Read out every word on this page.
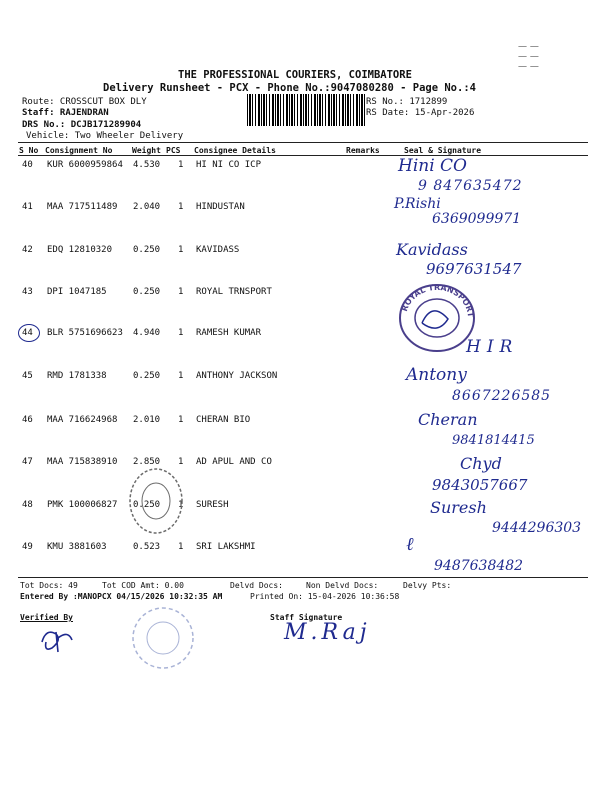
THE PROFESSIONAL COURIERS, COIMBATORE
Delivery Runsheet - PCX - Phone No.:9047080280 - Page No.:4
Route: CROSSCUT BOX DLY
Staff: RAJENDRAN
DRS No.: DCJB171289904
Vehicle: Two Wheeler Delivery
RS No.: 1712899
RS Date: 15-Apr-2026
S No Consignment No Weight PCS Consignee Details	Remarks	Seal & Signature
40 KUR 6000959864 4.530 1 HI NI CO ICP	Hini CO
9 847635472
41 MAA 717511489 2.040 1 HINDUSTAN	P.Rishi
6369099971
42 EDQ 12810320 0.250 1 KAVIDASS	Kavidass
9697631547
43 DPI 1047185	0.250 1 ROYAL TRNSPORT
44 BLR 5751696623 4.940 1 RAMESH KUMAR
HIR
45 RMD 1781338	0.250 1 ANTHONY JACKSON	Antony
8667226585
46 MAA 716624968 2.010 1 CHERAN BIO	Cheran
9841814415
47 MAA 715838910 2.850 1 AD APUL AND CO	Chyd
9843057667
48 PMK 100006827 0.250 1 SURESH	Suresh
9444296303
49 KMU 3881603	0.523 1 SRI LAKSHMI	ℓ
9487638482
ROYAL TRANSPORT
Tot Docs: 49	Tot COD Amt: 0.00	Delvd Docs:	Non Delvd Docs:	Delvy Pts:
Entered By :MANOPCX 04/15/2026 10:32:35 AM	Printed On: 15-04-2026 10:36:58
Verified By	Staff Signature
M.Raj
— —
— —
— —
